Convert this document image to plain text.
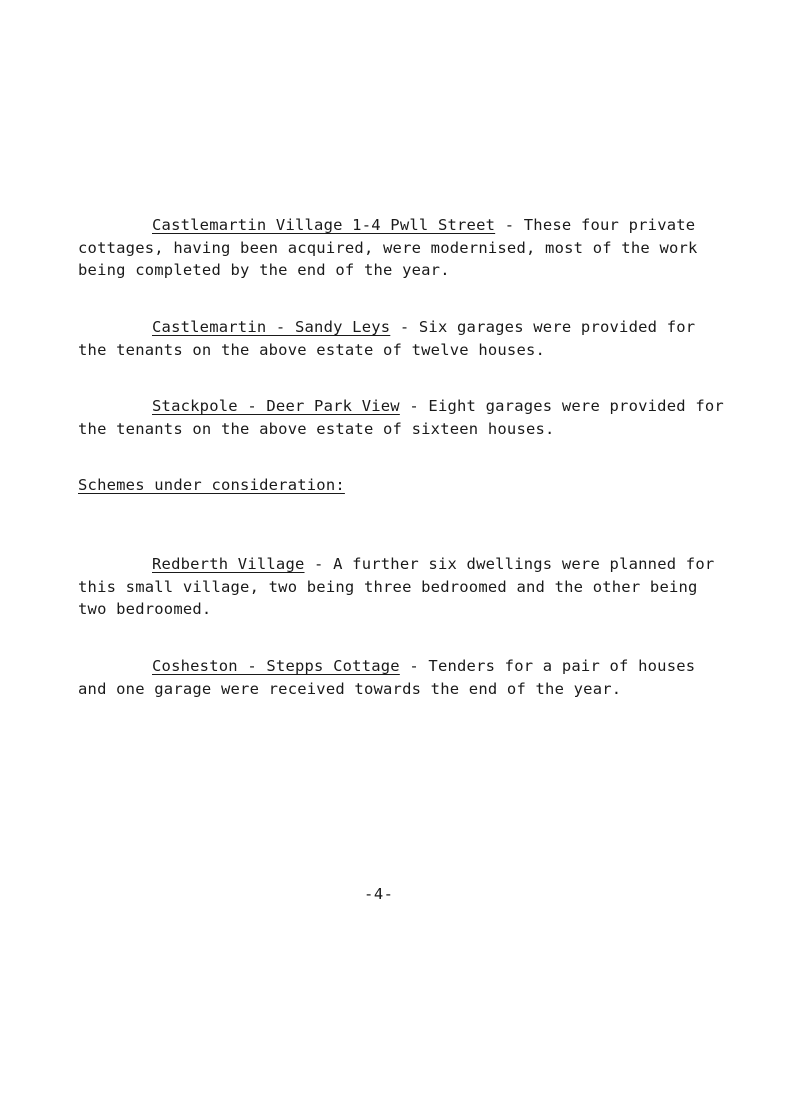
Castlemartin Village 1-4 Pwll Street - These four private cottages, having been acquired, were modernised, most of the work being completed by the end of the year.

Castlemartin - Sandy Leys - Six garages were provided for the tenants on the above estate of twelve houses.

Stackpole - Deer Park View - Eight garages were provided for the tenants on the above estate of sixteen houses.

Schemes under consideration:

Redberth Village - A further six dwellings were planned for this small village, two being three bedroomed and the other being two bedroomed.

Cosheston - Stepps Cottage - Tenders for a pair of houses and one garage were received towards the end of the year.

-4-
